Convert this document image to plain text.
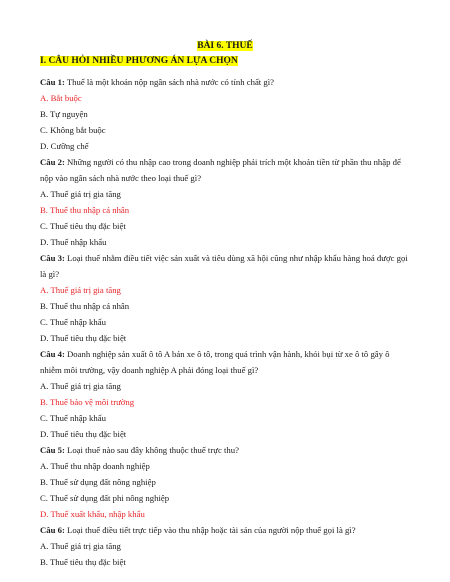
BÀI 6. THUẾ

I. CÂU HỎI NHIỀU PHƯƠNG ÁN LỰA CHỌN

Câu 1: Thuế là một khoản nộp ngân sách nhà nước có tính chất gì?

A. Bắt buộc

B. Tự nguyện

C. Không bắt buộc

D. Cưỡng chế

Câu 2: Những người có thu nhập cao trong doanh nghiệp phải trích một khoản tiền từ phần thu nhập để nộp vào ngân sách nhà nước theo loại thuế gì?

A. Thuế giá trị gia tăng

B. Thuế thu nhập cá nhân

C. Thuế tiêu thụ đặc biệt

D. Thuế nhập khẩu

Câu 3: Loại thuế nhằm điều tiết việc sản xuất và tiêu dùng xã hội cũng như nhập khẩu hàng hoá được gọi là gì?

A. Thuế giá trị gia tăng

B. Thuế thu nhập cá nhân

C. Thuế nhập khẩu

D. Thuế tiêu thụ đặc biệt

Câu 4: Doanh nghiệp sản xuất ô tô A bán xe ô tô, trong quá trình vận hành, khói bụi từ xe ô tô gây ô nhiễm môi trường, vậy doanh nghiệp A phải đóng loại thuế gì?

A. Thuế giá trị gia tăng

B. Thuế bảo vệ môi trường

C. Thuế nhập khẩu

D. Thuế tiêu thụ đặc biệt

Câu 5: Loại thuế nào sau đây không thuộc thuế trực thu?

A. Thuế thu nhập doanh nghiệp

B. Thuế sử dụng đất nông nghiệp

C. Thuế sử dụng đất phi nông nghiệp

D. Thuế xuất khẩu, nhập khẩu

Câu 6: Loại thuế điều tiết trực tiếp vào thu nhập hoặc tài sản của người nộp thuế gọi là gì?

A. Thuế giá trị gia tăng

B. Thuế tiêu thụ đặc biệt
